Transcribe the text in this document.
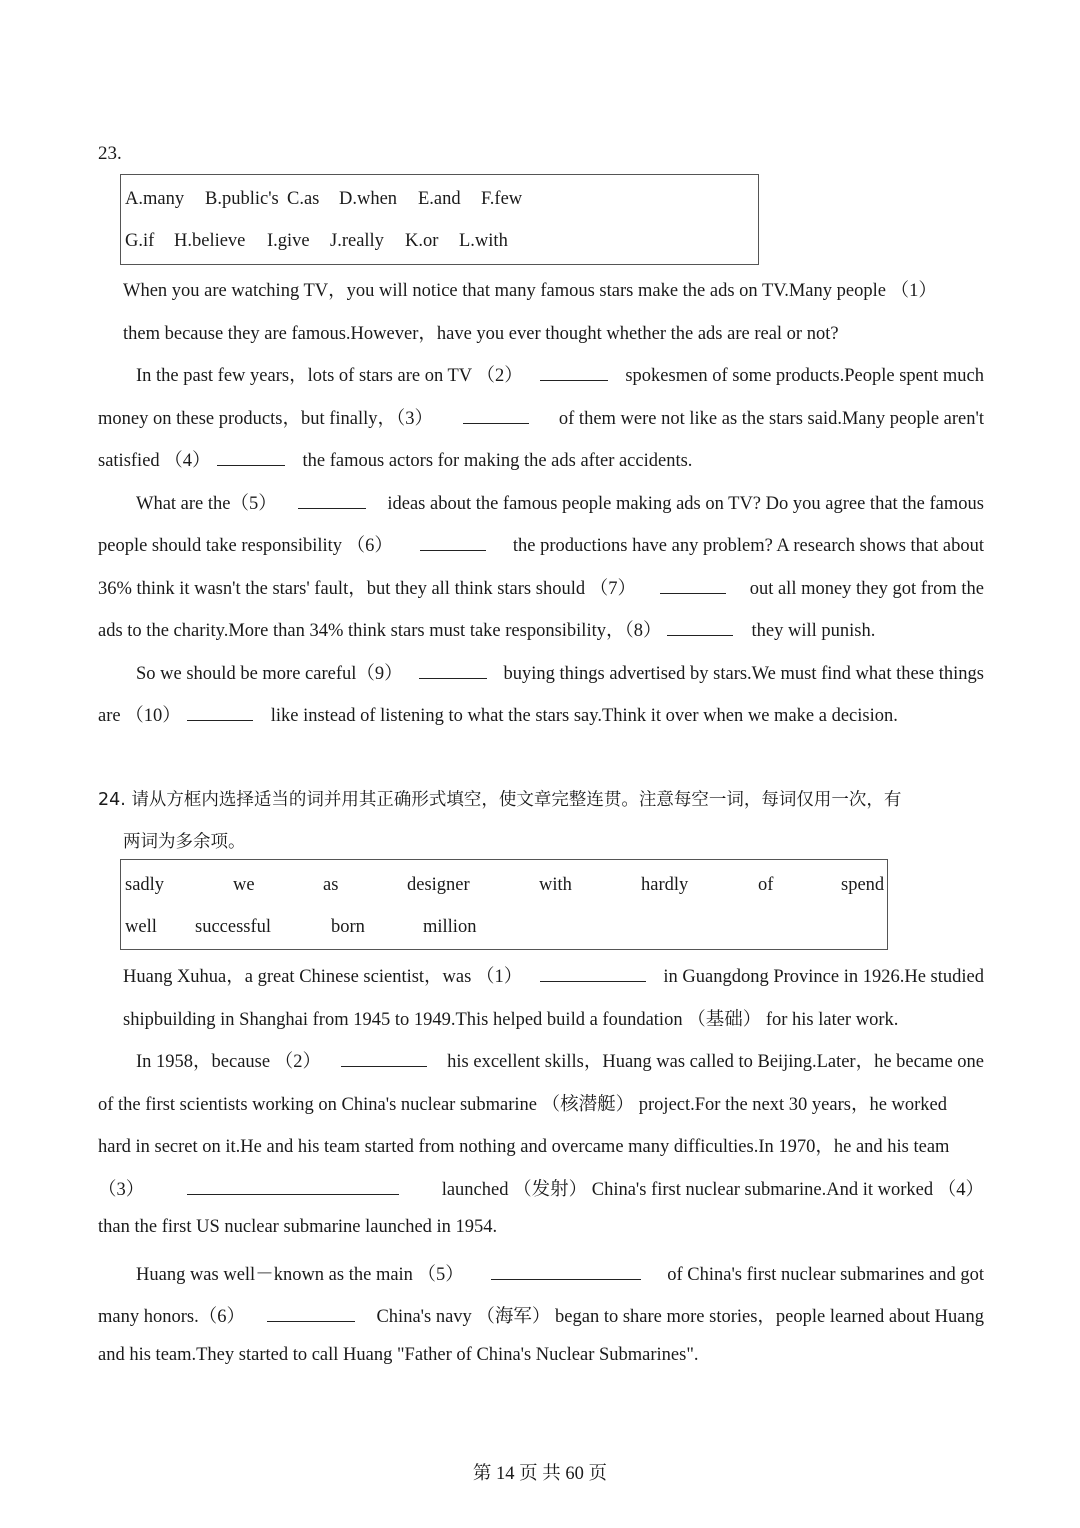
23.
A.many B.public's C.as D.when E.and F.few
G.if H.believe I.give J.really K.or L.with
When you are watching TV，you will notice that many famous stars make the ads on TV.Many people （1）
them because they are famous.However，have you ever thought whether the ads are real or not?
In the past few years，lots of stars are on TV （2）	spokesmen of some products.People spent much
money on these products，but finally，（3）	of them were not like as the stars said.Many people aren't
satisfied （4）	the famous actors for making the ads after accidents.
What are the（5）	ideas about the famous people making ads on TV? Do you agree that the famous
people should take responsibility （6）	the productions have any problem? A research shows that about
36% think it wasn't the stars' fault，but they all think stars should （7）	out all money they got from the
ads to the charity.More than 34% think stars must take responsibility，（8）	they will punish.
So we should be more careful（9）	buying things advertised by stars.We must find what these things
are （10）	like instead of listening to what the stars say.Think it over when we make a decision.
24. 请从方框内选择适当的词并用其正确形式填空，使文章完整连贯。注意每空一词，每词仅用一次，有
两词为多余项。
sadly	we	as	designer	with	hardly	of	spend
well successful	born	million
Huang Xuhua，a great Chinese scientist，was （1）	in Guangdong Province in 1926.He studied
shipbuilding in Shanghai from 1945 to 1949.This helped build a foundation （基础） for his later work.
In 1958，because （2）	his excellent skills，Huang was called to Beijing.Later，he became one
of the first scientists working on China's nuclear submarine （核潜艇） project.For the next 30 years，he worked
hard in secret on it.He and his team started from nothing and overcame many difficulties.In 1970，he and his team
（3）	launched （发射） China's first nuclear submarine.And it worked （4）
than the first US nuclear submarine launched in 1954.
Huang was well－known as the main （5）	of China's first nuclear submarines and got
many honors.（6）	China's navy （海军） began to share more stories，people learned about Huang
and his team.They started to call Huang "Father of China's Nuclear Submarines".
第 14 页 共 60 页
